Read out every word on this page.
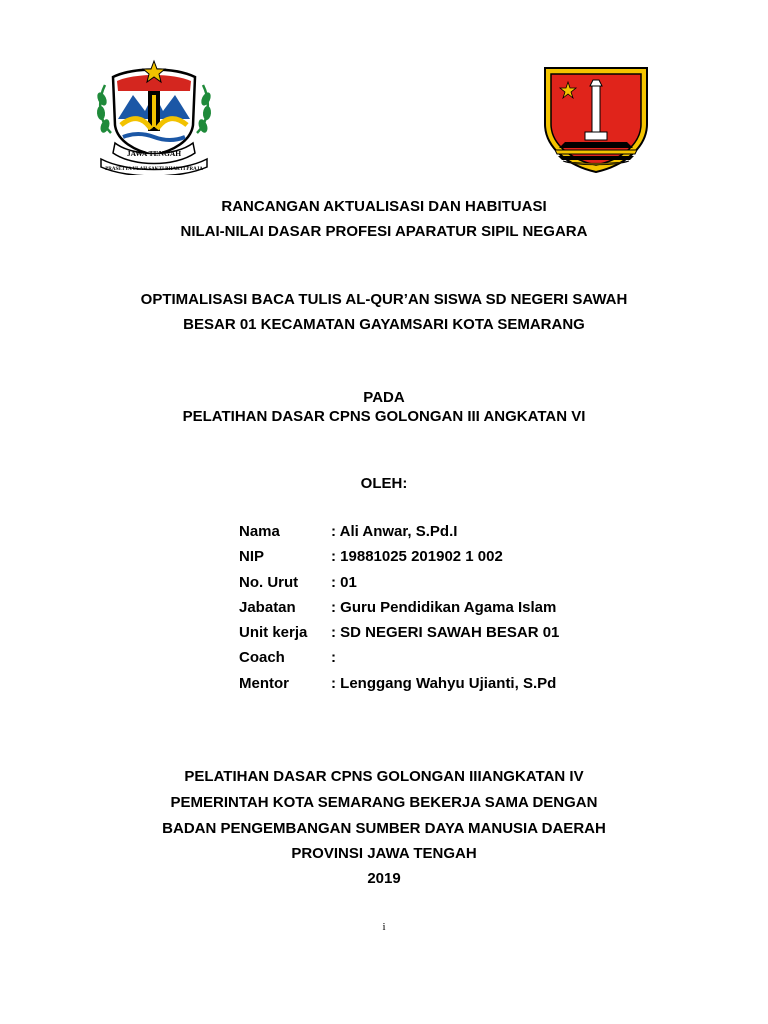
JAWA TENGAH
PRASETYA ULAH SAKTI BHAKTI PRAJA
RANCANGAN AKTUALISASI DAN HABITUASI
NILAI-NILAI DASAR PROFESI APARATUR SIPIL NEGARA
OPTIMALISASI BACA TULIS AL-QUR’AN SISWA SD NEGERI SAWAH
BESAR 01 KECAMATAN GAYAMSARI KOTA SEMARANG
PADA
PELATIHAN DASAR CPNS GOLONGAN III ANGKATAN VI
OLEH:
Nama	: Ali Anwar, S.Pd.I
NIP	: 19881025 201902 1 002
No. Urut	: 01
Jabatan	: Guru Pendidikan Agama Islam
Unit kerja	: SD NEGERI SAWAH BESAR 01
Coach	:
Mentor	: Lenggang Wahyu Ujianti, S.Pd
PELATIHAN DASAR CPNS GOLONGAN IIIANGKATAN IV
PEMERINTAH KOTA SEMARANG BEKERJA SAMA DENGAN
BADAN PENGEMBANGAN SUMBER DAYA MANUSIA DAERAH
PROVINSI JAWA TENGAH
2019
i
